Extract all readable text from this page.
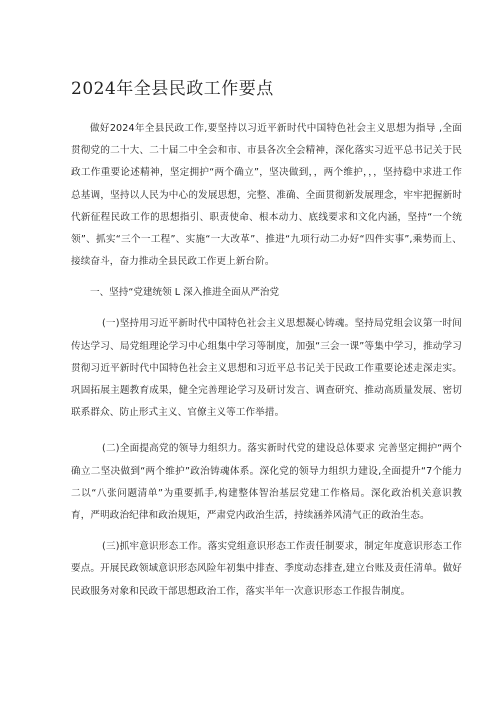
2024年全县民政工作要点

做好2024年全县民政工作,要坚持以习近平新时代中国特色社会主义思想为指导 ,全面贯彻党的二十大、二十届二中全会和市、市县各次全会精神，深化落实习近平总书记关于民政工作重要论述精神，坚定拥护“两个确立”，坚决做到，，两个维护，，，坚持稳中求进工作总基调，坚持以人民为中心的发展思想，完整、准确、全面贯彻新发展理念，牢牢把握新时代新征程民政工作的思想指引、职责使命、根本动力、底线要求和文化内涵，坚持“一个统领”、抓实“三个一工程”、实施“一大改革”、推进“九项行动二办好“四件实事”,乘势而上、接续奋斗，奋力推动全县民政工作更上新台阶。

一、坚持“党建统领 L 深入推进全面从严治党

(一)坚持用习近平新时代中国特色社会主义思想凝心铸魂。坚持局党组会议第一时间传达学习、局党组理论学习中心组集中学习等制度，加强“三会一课”等集中学习，推动学习贯彻习近平新时代中国特色社会主义思想和习近平总书记关于民政工作重要论述走深走实。巩固拓展主题教育成果，健全完善理论学习及研讨发言、调查研究、推动高质量发展、密切联系群众、防止形式主义、官僚主义等工作举措。

(二)全面提高党的领导力组织力。落实新时代党的建设总体要求 完善坚定拥护“两个确立二坚决做到“两个维护”政治铸魂体系。深化党的领导力组织力建设,全面提升“7个能力二以“八张问题清单”为重要抓手,构建整体智治基层党建工作格局。深化政治机关意识教育，严明政治纪律和政治规矩，严肃党内政治生活，持续涵养风清气正的政治生态。

(三)抓牢意识形态工作。落实党组意识形态工作责任制要求，制定年度意识形态工作要点。开展民政领域意识形态风险年初集中排查、季度动态排查,建立台账及责任清单。做好民政服务对象和民政干部思想政治工作，落实半年一次意识形态工作报告制度。
